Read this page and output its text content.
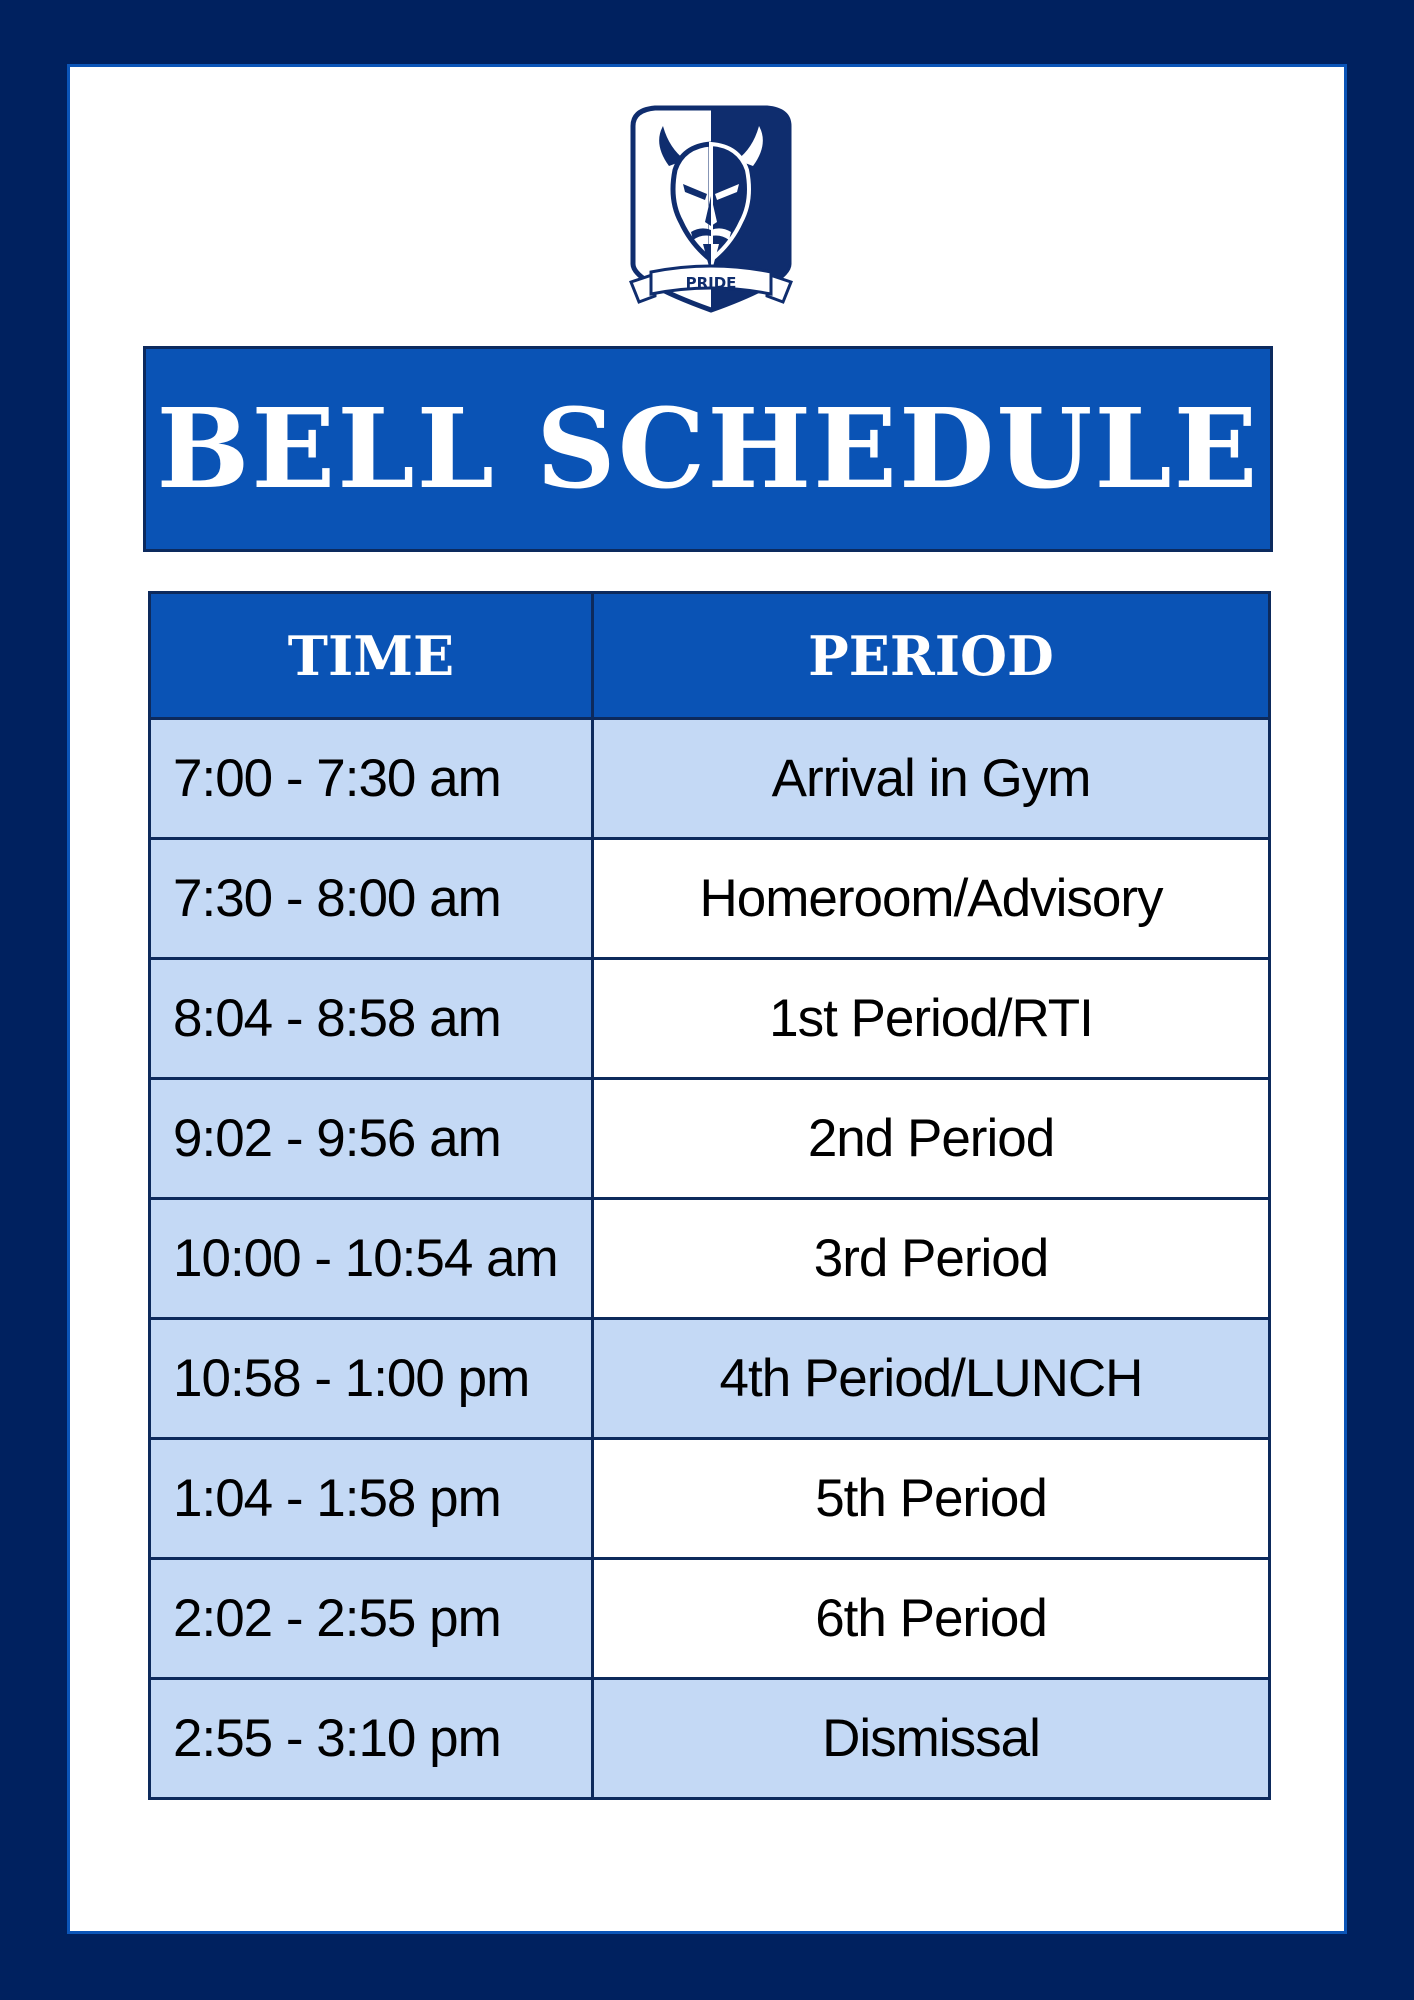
PRIDE
BELL SCHEDULE
TIME	PERIOD
7:00 - 7:30 am	Arrival in Gym
7:30 - 8:00 am	Homeroom/Advisory
8:04 - 8:58 am	1st Period/RTI
9:02 - 9:56 am	2nd Period
10:00 - 10:54 am	3rd Period
10:58 - 1:00 pm	4th Period/LUNCH
1:04 - 1:58 pm	5th Period
2:02 - 2:55 pm	6th Period
2:55 - 3:10 pm	Dismissal
